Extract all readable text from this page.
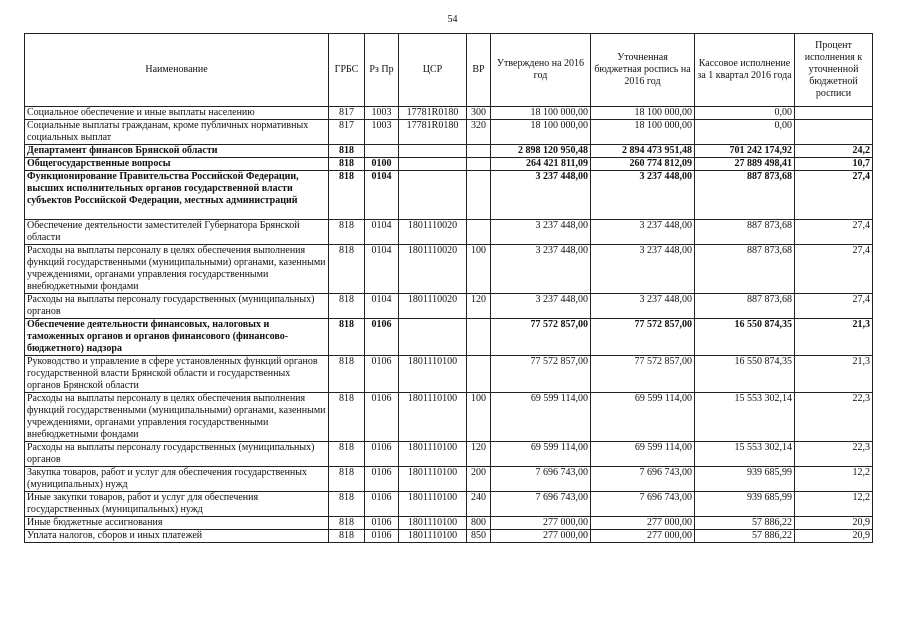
54
Наименование	ГРБС	Рз Пр	ЦСР	ВР	Утверждено на 2016 год	Уточненная бюджетная роспись на 2016 год	Кассовое исполнение за 1 квартал 2016 года	Процент исполнения к уточненной бюджетной росписи
Социальное обеспечение и иные выплаты населению	817	1003	17781R0180	300	18 100 000,00	18 100 000,00	0,00	
Социальные выплаты гражданам, кроме публичных нормативных социальных выплат	817	1003	17781R0180	320	18 100 000,00	18 100 000,00	0,00	
Департамент финансов Брянской области	818				2 898 120 950,48	2 894 473 951,48	701 242 174,92	24,2
Общегосударственные вопросы	818	0100			264 421 811,09	260 774 812,09	27 889 498,41	10,7
Функционирование Правительства Российской Федерации, высших исполнительных органов государственной власти субъектов Российской Федерации, местных администраций	818	0104			3 237 448,00	3 237 448,00	887 873,68	27,4
Обеспечение деятельности заместителей Губернатора Брянской области	818	0104	1801110020		3 237 448,00	3 237 448,00	887 873,68	27,4
Расходы на выплаты персоналу в целях обеспечения выполнения функций государственными (муниципальными) органами, казенными учреждениями, органами управления государственными внебюджетными фондами	818	0104	1801110020	100	3 237 448,00	3 237 448,00	887 873,68	27,4
Расходы на выплаты персоналу государственных (муниципальных) органов	818	0104	1801110020	120	3 237 448,00	3 237 448,00	887 873,68	27,4
Обеспечение деятельности финансовых, налоговых и таможенных органов и органов финансового (финансово-бюджетного) надзора	818	0106			77 572 857,00	77 572 857,00	16 550 874,35	21,3
Руководство и управление в сфере установленных функций органов государственной власти Брянской области и государственных органов Брянской области	818	0106	1801110100		77 572 857,00	77 572 857,00	16 550 874,35	21,3
Расходы на выплаты персоналу в целях обеспечения выполнения функций государственными (муниципальными) органами, казенными учреждениями, органами управления государственными внебюджетными фондами	818	0106	1801110100	100	69 599 114,00	69 599 114,00	15 553 302,14	22,3
Расходы на выплаты персоналу государственных (муниципальных) органов	818	0106	1801110100	120	69 599 114,00	69 599 114,00	15 553 302,14	22,3
Закупка товаров, работ и услуг для обеспечения государственных (муниципальных) нужд	818	0106	1801110100	200	7 696 743,00	7 696 743,00	939 685,99	12,2
Иные закупки товаров, работ и услуг для обеспечения государственных (муниципальных) нужд	818	0106	1801110100	240	7 696 743,00	7 696 743,00	939 685,99	12,2
Иные бюджетные ассигнования	818	0106	1801110100	800	277 000,00	277 000,00	57 886,22	20,9
Уплата налогов, сборов и иных платежей	818	0106	1801110100	850	277 000,00	277 000,00	57 886,22	20,9
